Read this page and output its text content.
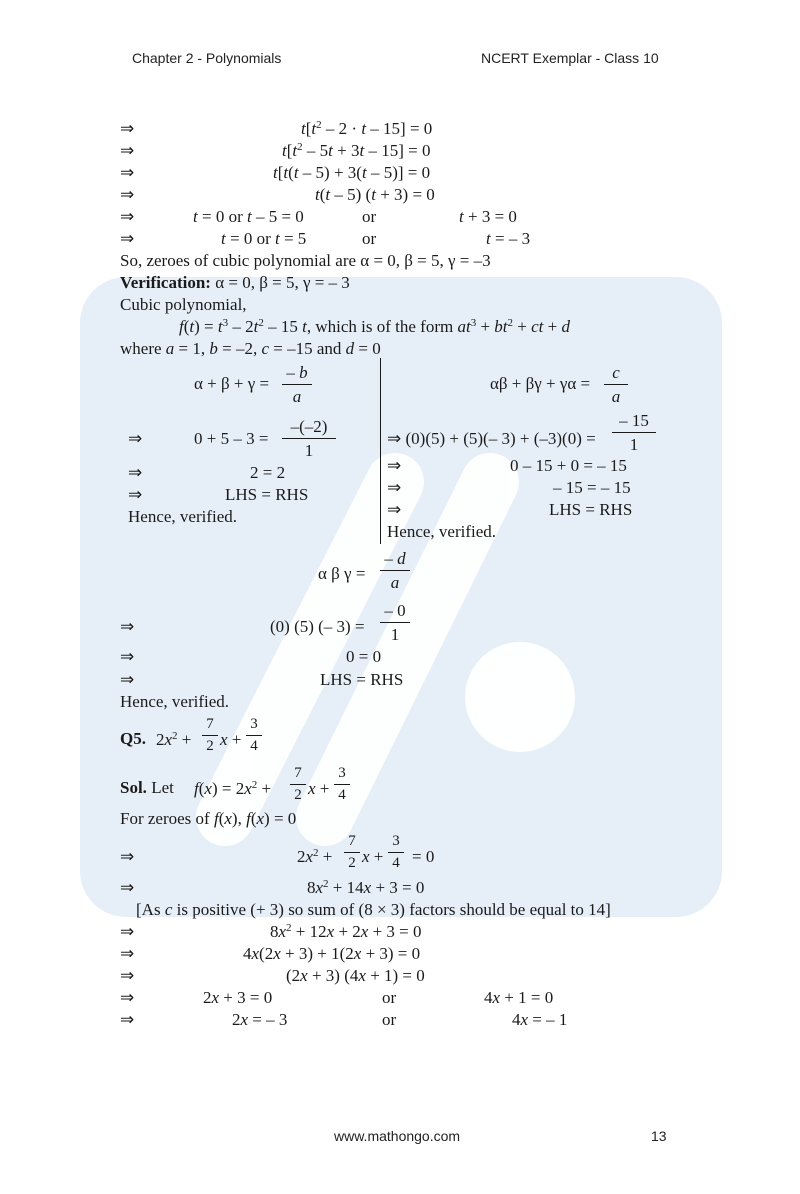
Chapter 2 - Polynomials	NCERT Exemplar - Class 10
⇒	$t[t^2 - 2 \cdot t - 15] = 0$
⇒	$t[t^2 - 5t + 3t - 15] = 0$
⇒	t[t(t – 5) + 3(t – 5)] = 0
⇒	t(t – 5) (t + 3) = 0
⇒	t = 0 or t – 5 = 0	or	t + 3 = 0
⇒	t = 0 or t = 5	or	t = – 3
So, zeroes of cubic polynomial are α = 0, β = 5, γ = –3
Verification: α = 0, β = 5, γ = – 3
Cubic polynomial,
$f(t) = t^3 - 2t^2 - 15$ t, which is of the form $at^3 + bt^2$ + ct + d
where a = 1, b = –2, c = –15 and d = 0
$\alpha + \beta + \gamma = \frac{- b}{a}$
⇒	$0 + 5 - 3 = \frac{-(-2)}{1}$
⇒	2 = 2
⇒	LHS = RHS
Hence, verified.
$\alpha\beta + \beta\gamma + \gamma\alpha = \frac{c}{a}$
⇒ (0)(5) + (5)(– $3) + (-3)(0) = \frac{- 15}{1}$
⇒	0 – 15 + 0 = – 15
⇒	– 15 = – 15
⇒	LHS = RHS
Hence, verified.
α β $\gamma = \frac{- d}{a}$
⇒	(0) (5) (– $3) = \frac{- 0}{1}$
⇒	0 = 0
⇒	LHS = RHS
Hence, verified.
Q5. $2x^2 + \frac{7}{2}$ $x + \frac{3}{4}$
Sol. Let $f(x) = 2x^2 + \frac{7}{2}$ $x + \frac{3}{4}$
For zeroes of f(x), f(x) = 0
⇒	$2x^2 + \frac{7}{2}$ $x + \frac{3}{4} = 0$
⇒	$8x^2 + 14x + 3 = 0$
[As c is positive (+ 3) so sum of (8 × 3) factors should be equal to 14]
⇒	$8x^2 + 12x + 2x + 3 = 0$
⇒	4x(2x + 3) + 1(2x + 3) = 0
⇒	(2x + 3) (4x + 1) = 0
⇒	2x + 3 = 0	or	4x + 1 = 0
⇒	2x = – 3	or	4x = – 1
www.mathongo.com	13
